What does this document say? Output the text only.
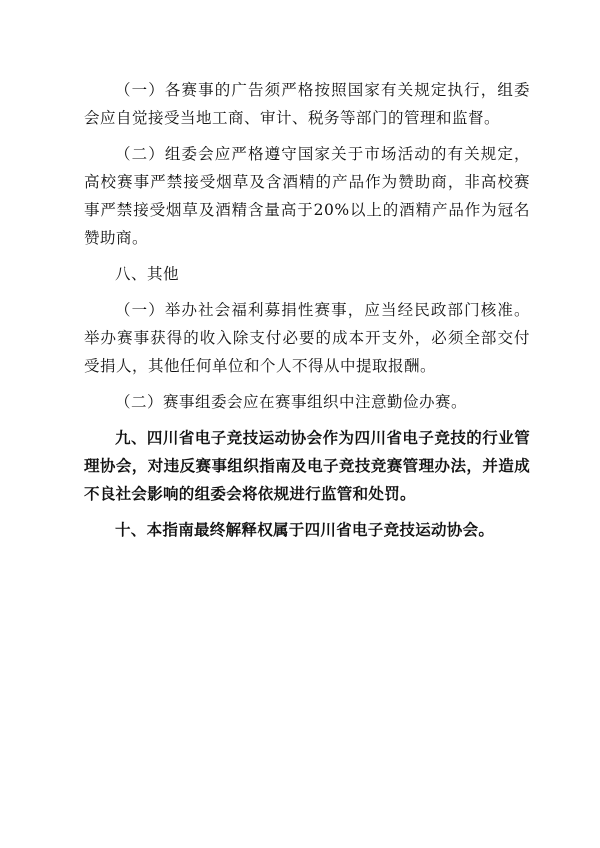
（一）各赛事的广告须严格按照国家有关规定执行，组委会应自觉接受当地工商、审计、税务等部门的管理和监督。

（二）组委会应严格遵守国家关于市场活动的有关规定，高校赛事严禁接受烟草及含酒精的产品作为赞助商，非高校赛事严禁接受烟草及酒精含量高于20%以上的酒精产品作为冠名赞助商。

八、其他

（一）举办社会福利募捐性赛事，应当经民政部门核准。举办赛事获得的收入除支付必要的成本开支外，必须全部交付受捐人，其他任何单位和个人不得从中提取报酬。

（二）赛事组委会应在赛事组织中注意勤俭办赛。

九、四川省电子竞技运动协会作为四川省电子竞技的行业管理协会，对违反赛事组织指南及电子竞技竞赛管理办法，并造成不良社会影响的组委会将依规进行监管和处罚。

十、本指南最终解释权属于四川省电子竞技运动协会。
